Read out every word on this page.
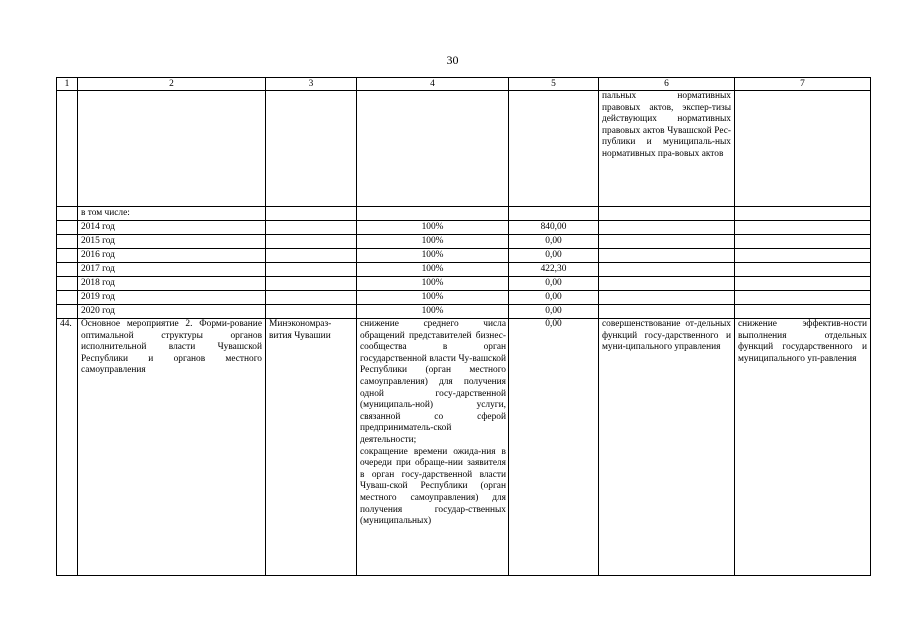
30
1	2	3	4	5	6	7
					пальных нормативных правовых актов, экспер-тизы действующих нормативных правовых актов Чувашской Рес-публики и муниципаль-ных нормативных пра-вовых актов	
	в том числе:					
	2014 год		100%	840,00		
	2015 год		100%	0,00		
	2016 год		100%	0,00		
	2017 год		100%	422,30		
	2018 год		100%	0,00		
	2019 год		100%	0,00		
	2020 год		100%	0,00		
44.	Основное мероприятие 2. Форми-рование оптимальной структуры органов исполнительной власти Чувашской Республики и органов местного самоуправления	Минэкономраз-вития Чувашии	снижение среднего числа обращений представителей бизнес-сообщества в орган государственной власти Чу-вашской Республики (орган местного самоуправления) для получения одной госу-дарственной (муниципаль-ной) услуги, связанной со сферой предприниматель-ской деятельности;
сокращение времени ожида-ния в очереди при обраще-нии заявителя в орган госу-дарственной власти Чуваш-ской Республики (орган местного самоуправления) для получения государ-ственных (муниципальных)	0,00	совершенствование от-дельных функций госу-дарственного и муни-ципального управления	снижение эффектив-ности выполнения отдельных функций государственного и муниципального уп-равления
